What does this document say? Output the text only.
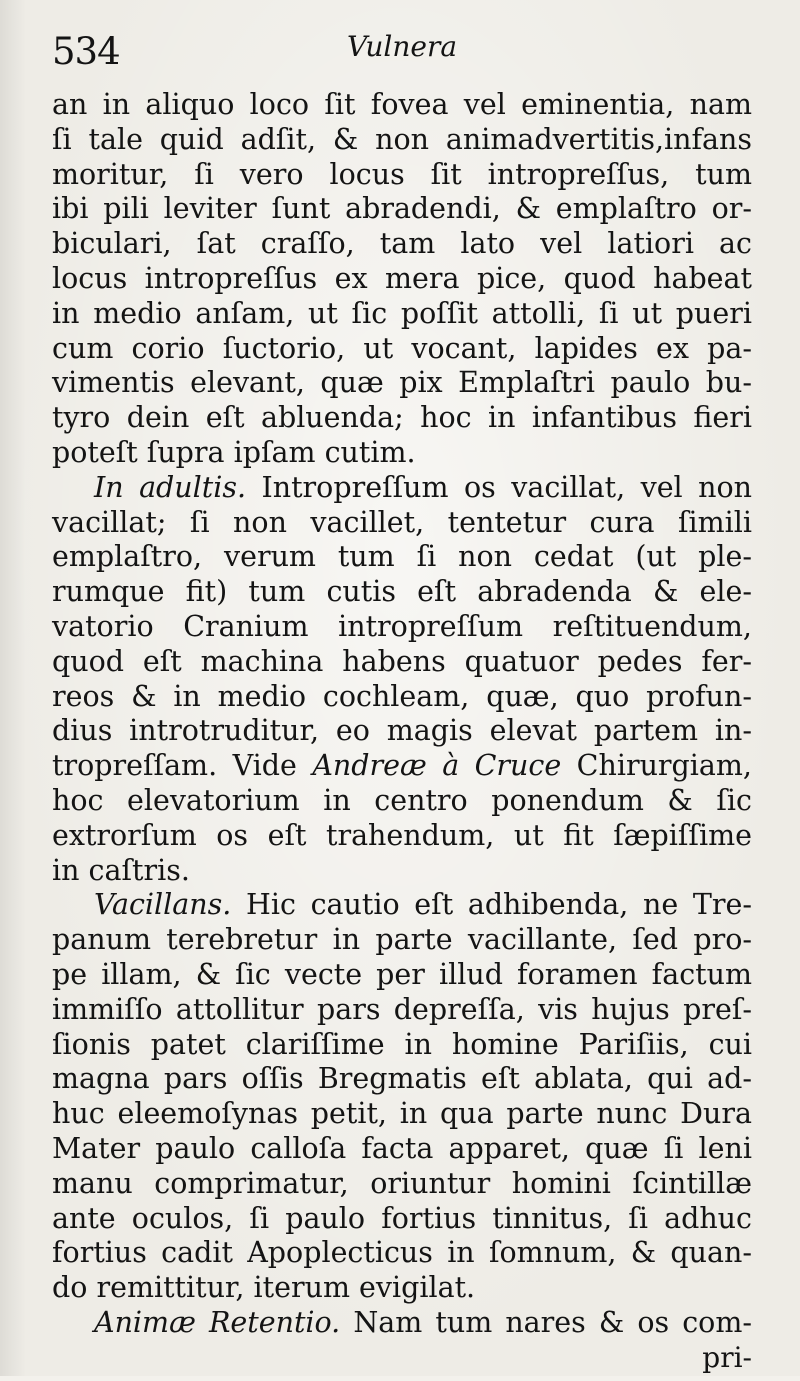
534	Vulnera
an in aliquo loco ſit fovea vel eminentia, nam
ſi tale quid adſit, & non animadvertitis,infans
moritur, ſi vero locus ſit intropreſſus, tum
ibi pili leviter ſunt abradendi, & emplaſtro or-
biculari, ſat craſſo, tam lato vel latiori ac
locus intropreſſus ex mera pice, quod habeat
in medio anſam, ut ſic poſſit attolli, ſi ut pueri
cum corio ſuctorio, ut vocant, lapides ex pa-
vimentis elevant, quæ pix Emplaſtri paulo bu-
tyro dein eſt abluenda; hoc in infantibus fieri
poteſt ſupra ipſam cutim.
In adultis. Intropreſſum os vacillat, vel non
vacillat; ſi non vacillet, tentetur cura ſimili
emplaſtro, verum tum ſi non cedat (ut ple-
rumque fit) tum cutis eſt abradenda & ele-
vatorio Cranium intropreſſum reſtituendum,
quod eſt machina habens quatuor pedes fer-
reos & in medio cochleam, quæ, quo profun-
dius introtruditur, eo magis elevat partem in-
tropreſſam. Vide Andreæ à Cruce Chirurgiam,
hoc elevatorium in centro ponendum & ſic
extrorſum os eſt trahendum, ut fit ſæpiſſime
in caſtris.
Vacillans. Hic cautio eſt adhibenda, ne Tre-
panum terebretur in parte vacillante, ſed pro-
pe illam, & ſic vecte per illud foramen factum
immiſſo attollitur pars depreſſa, vis hujus preſ-
ſionis patet clariſſime in homine Pariſiis, cui
magna pars oſſis Bregmatis eſt ablata, qui ad-
huc eleemoſynas petit, in qua parte nunc Dura
Mater paulo calloſa facta apparet, quæ ſi leni
manu comprimatur, oriuntur homini ſcintillæ
ante oculos, ſi paulo fortius tinnitus, ſi adhuc
fortius cadit Apoplecticus in ſomnum, & quan-
do remittitur, iterum evigilat.
Animæ Retentio. Nam tum nares & os com-
pri-
